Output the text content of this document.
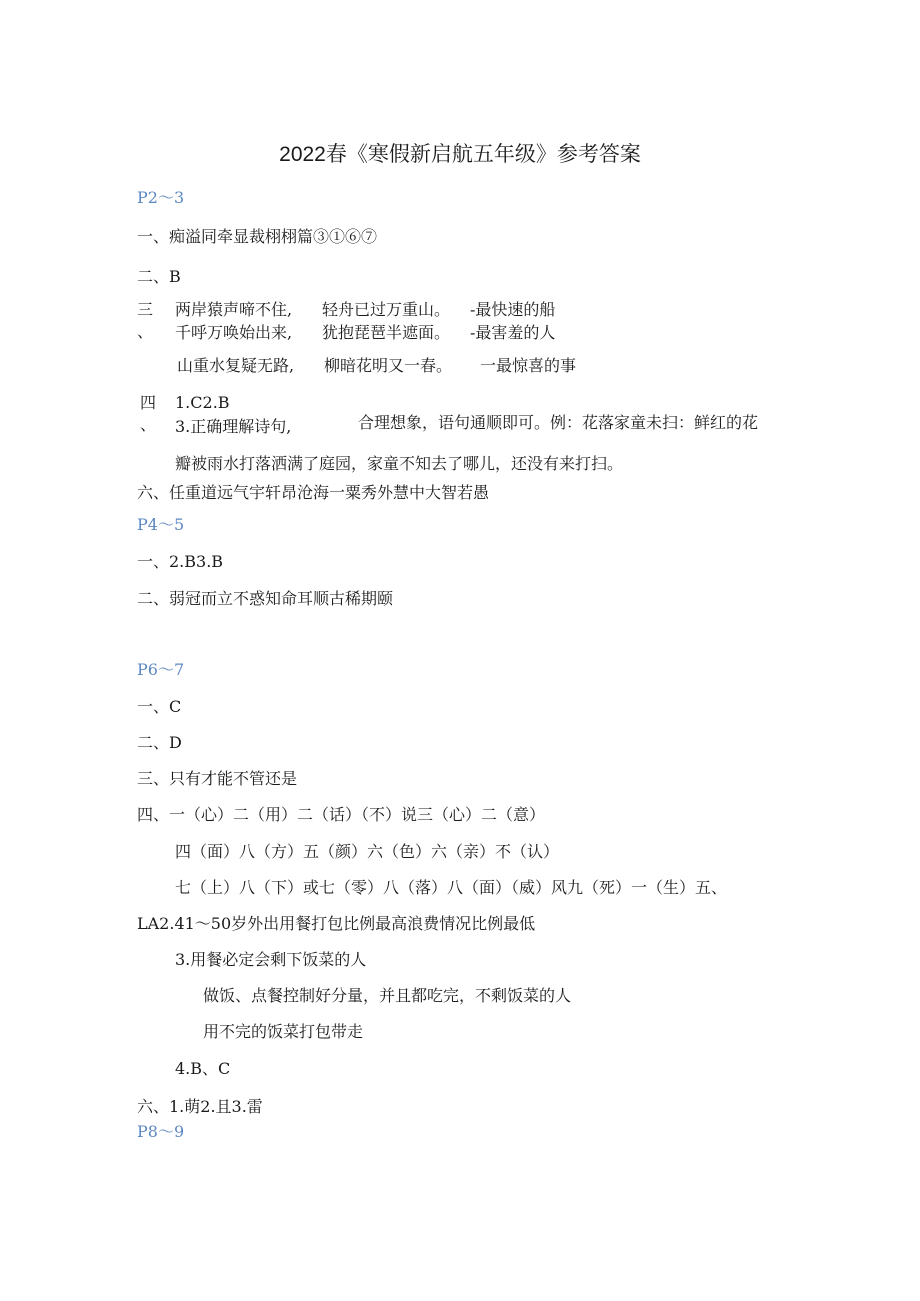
2022春《寒假新启航五年级》参考答案
P2～3
一、痴溢同牵显裁栩栩篇③①⑥⑦
二、B
三
、
两岸猿声啼不住, 轻舟已过万重山。 -最快速的船
千呼万唤始出来, 犹抱琵琶半遮面。 -最害羞的人
山重水复疑无路, 柳暗花明又一春。 一最惊喜的事
四
、
1.C2.B
3.正确理解诗句,	合理想象，语句通顺即可。例：花落家童未扫：鲜红的花
瓣被雨水打落洒满了庭园，家童不知去了哪儿，还没有来打扫。
六、任重道远气宇轩昂沧海一粟秀外慧中大智若愚
P4～5
一、2.B3.B
二、弱冠而立不惑知命耳顺古稀期颐
P6～7
一、C
二、D
三、只有才能不管还是
四、一（心）二（用）二（话）（不）说三（心）二（意）
四（面）八（方）五（颜）六（色）六（亲）不（认）
七（上）八（下）或七（零）八（落）八（面）（威）风九（死）一（生）五、
LA2.41～50岁外出用餐打包比例最高浪费情况比例最低
3.用餐必定会剩下饭菜的人
做饭、点餐控制好分量，并且都吃完，不剩饭菜的人
用不完的饭菜打包带走
4.B、C
六、1.萌2.且3.雷
P8～9
